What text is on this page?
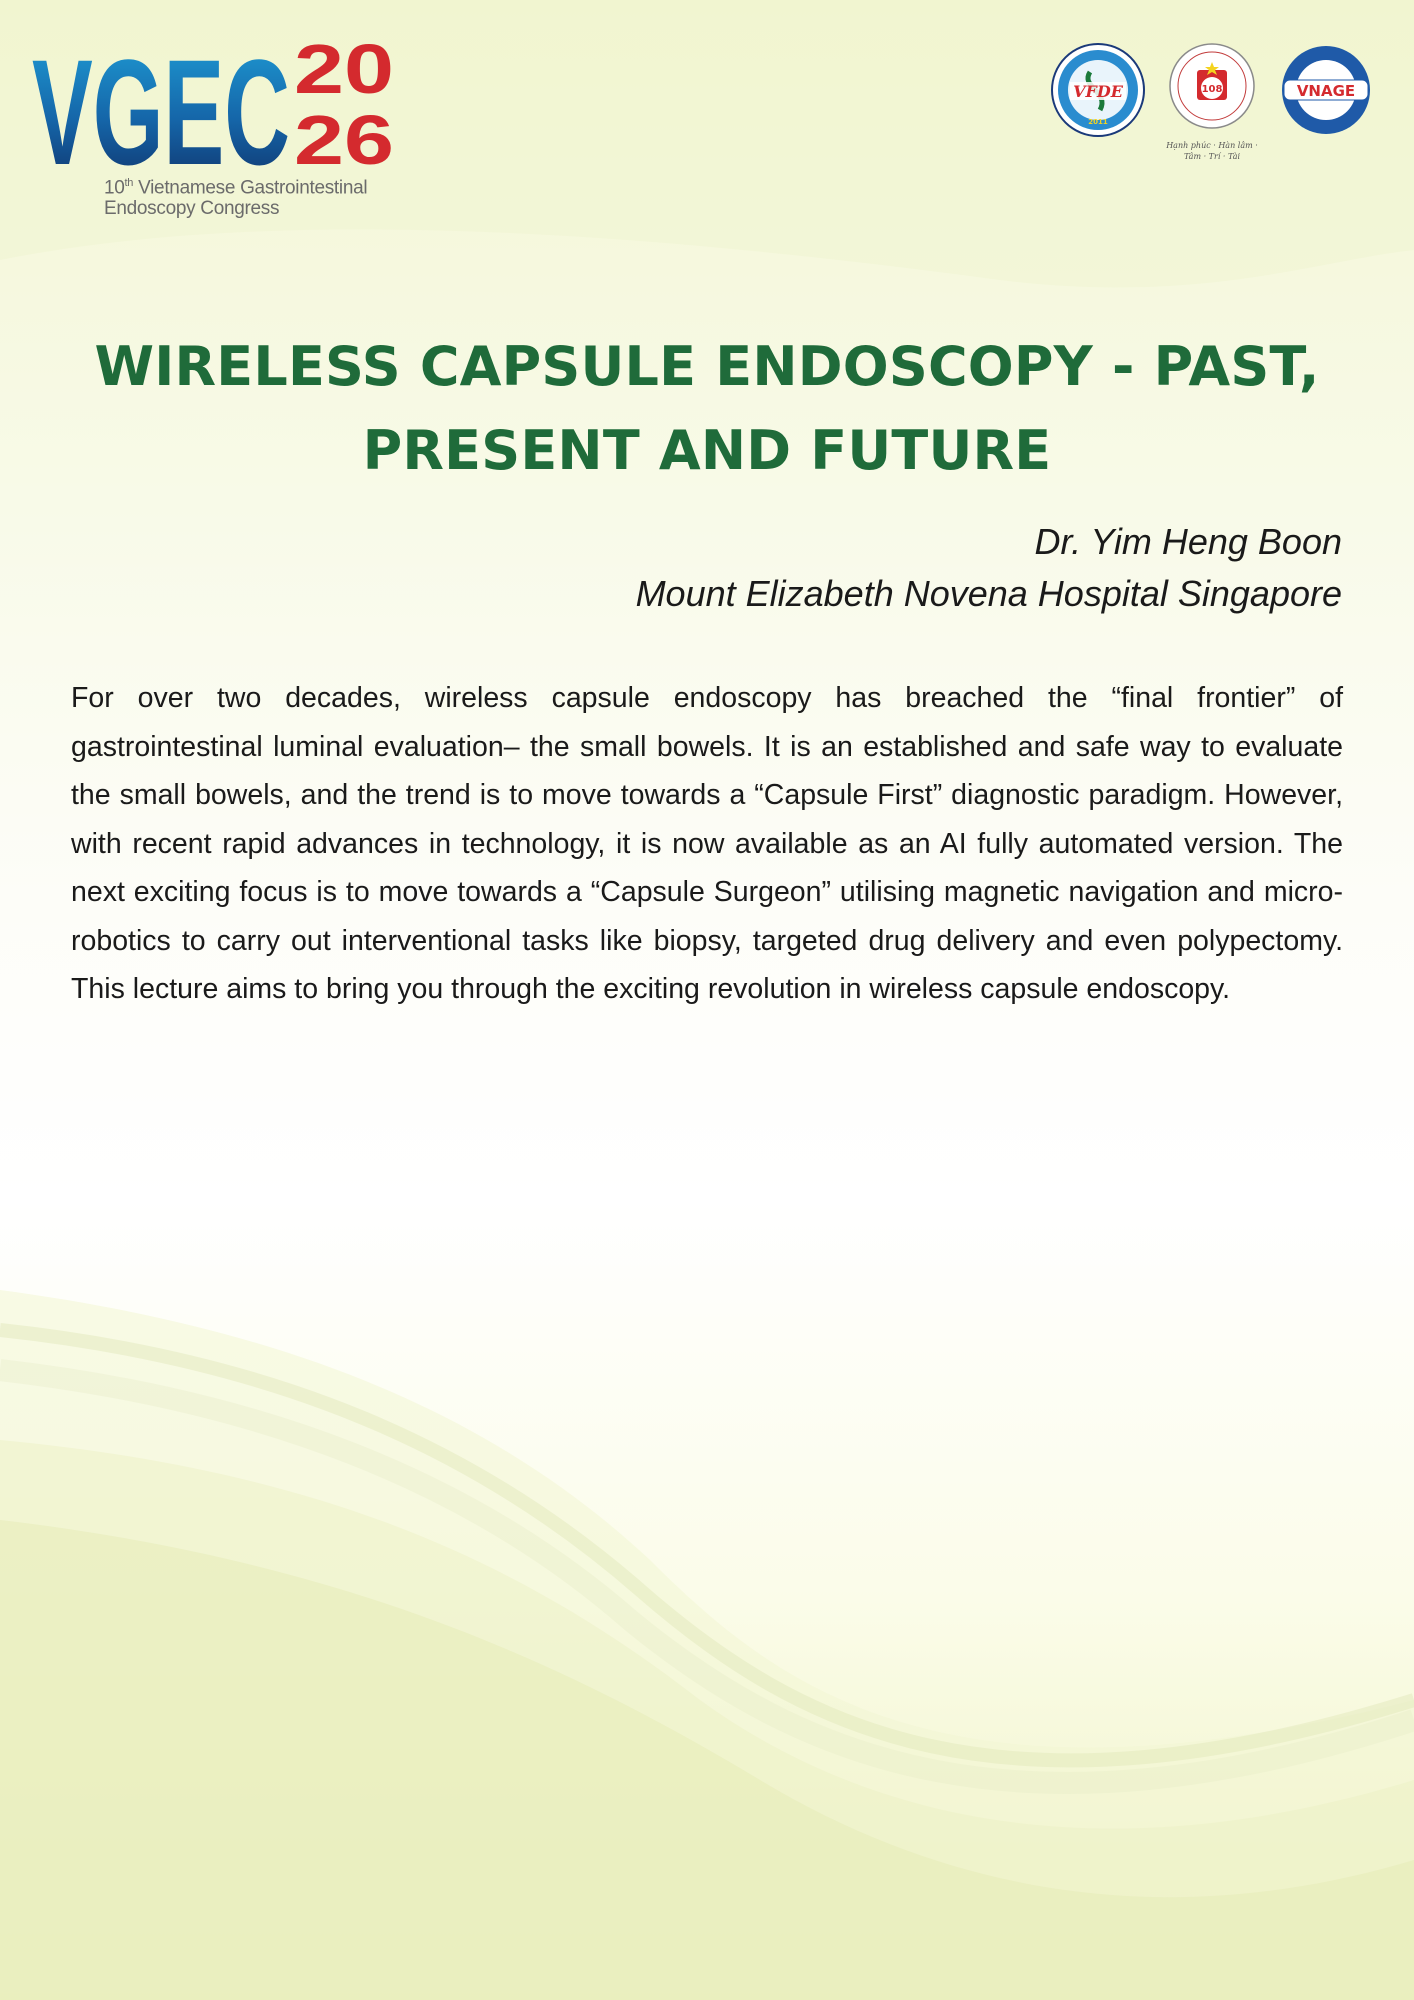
VGEC 20
26
10th Vietnamese Gastrointestinal
Endoscopy Congress
VFDE
2011
108
Hạnh phúc · Hàn lâm · Tâm · Trí · Tài
VNAGE
WIRELESS CAPSULE ENDOSCOPY - PAST, PRESENT AND FUTURE
Dr. Yim Heng Boon
Mount Elizabeth Novena Hospital Singapore

For over two decades, wireless capsule endoscopy has breached the “final frontier” of gastrointestinal luminal evaluation– the small bowels. It is an established and safe way to evaluate the small bowels, and the trend is to move towards a “Capsule First” diagnostic paradigm. However, with recent rapid advances in technology, it is now available as an AI fully automated version. The next exciting focus is to move towards a “Capsule Surgeon” utilising magnetic navigation and micro-robotics to carry out interventional tasks like biopsy, targeted drug delivery and even polypectomy. This lecture aims to bring you through the exciting revolution in wireless capsule endoscopy.
